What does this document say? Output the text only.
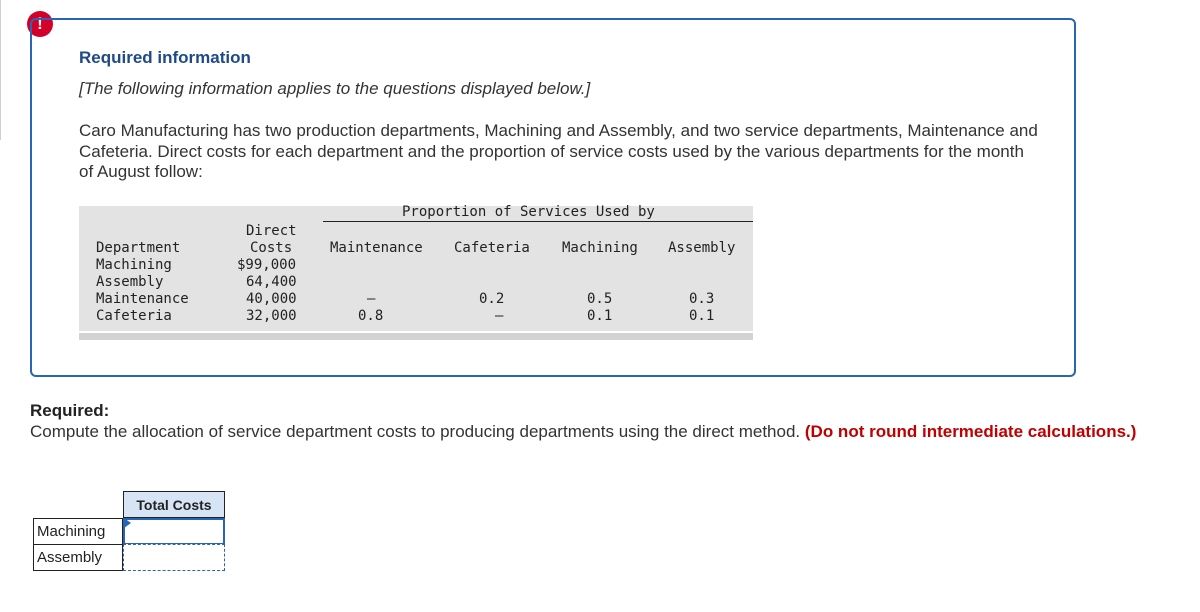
!
Required information
[The following information applies to the questions displayed below.]
Caro Manufacturing has two production departments, Machining and Assembly, and two service departments, Maintenance and Cafeteria. Direct costs for each department and the proportion of service costs used by the various departments for the month of August follow:
Proportion of Services Used by
Direct
Department	Costs	Maintenance Cafeteria Machining Assembly
Machining	$99,000
Assembly	64,400
Maintenance	40,000	—	0.2	0.5	0.3
Cafeteria	32,000	0.8	—	0.1	0.1
Required:
Compute the allocation of service department costs to producing departments using the direct method. (Do not round intermediate calculations.)
Total Costs
Machining
Assembly
